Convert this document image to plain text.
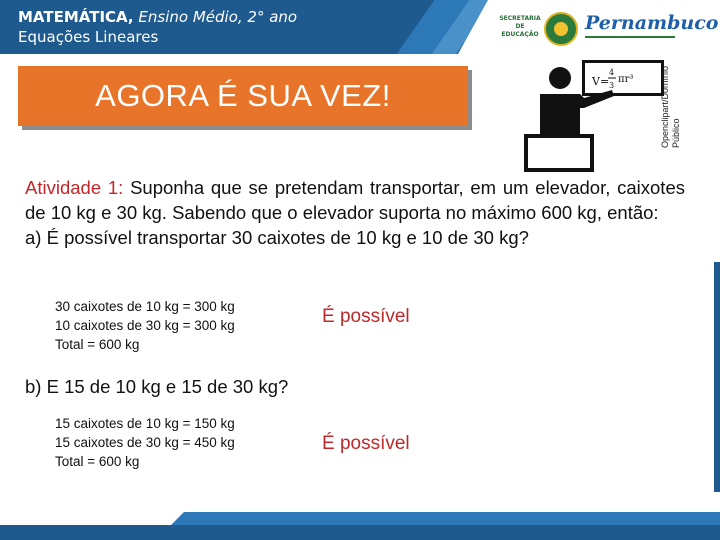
MATEMÁTICA, Ensino Médio, 2° ano
Equações Lineares
SECRETARIA DE EDUCAÇÃO
Pernambuco
AGORA É SUA VEZ!	V=
4
3
πr³	Openclipart/Domínio
Público

Atividade 1: Suponha que se pretendam transportar, em um elevador, caixotes de 10 kg e 30 kg. Sabendo que o elevador suporta no máximo 600 kg, então:
a) É possível transportar 30 caixotes de 10 kg e 10 de 30 kg?

30 caixotes de 10 kg = 300 kg
10 caixotes de 30 kg = 300 kg
Total = 600 kg
É possível
b) E 15 de 10 kg e 15 de 30 kg?
15 caixotes de 10 kg = 150 kg
15 caixotes de 30 kg = 450 kg
Total = 600 kg
É possível
